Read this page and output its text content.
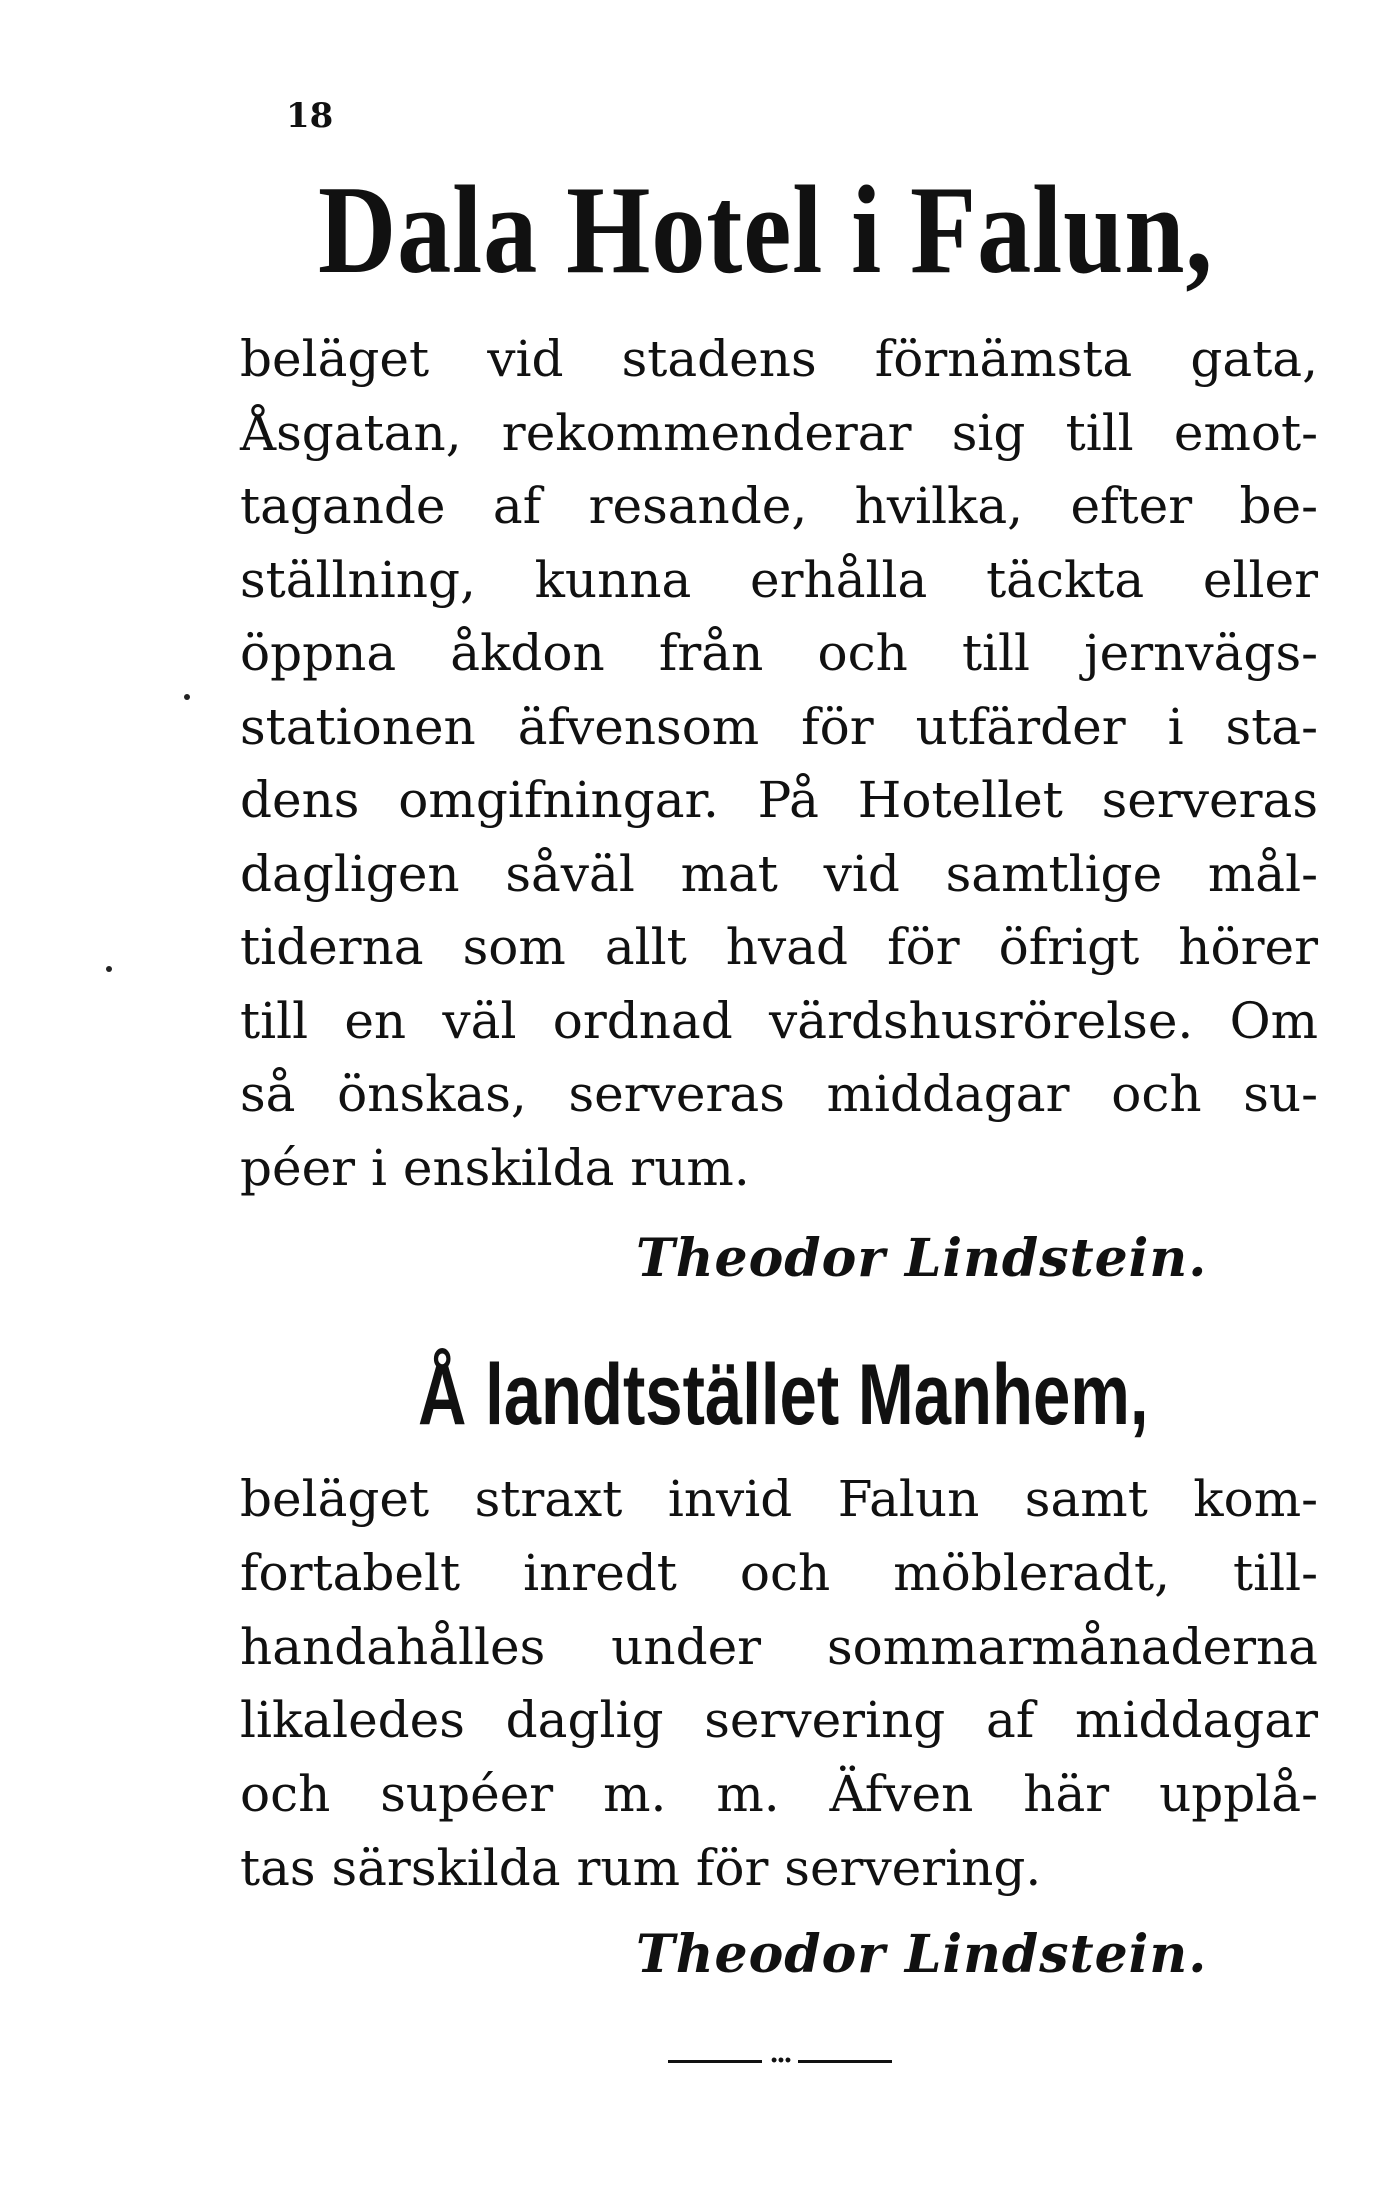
18
Dala Hotel i Falun,
beläget vid stadens förnämsta gata,
Åsgatan, rekommenderar sig till emot-
tagande af resande, hvilka, efter be-
ställning, kunna erhålla täckta eller
öppna åkdon från och till jernvägs-
stationen äfvensom för utfärder i sta-
dens omgifningar. På Hotellet serveras
dagligen såväl mat vid samtlige mål-
tiderna som allt hvad för öfrigt hörer
till en väl ordnad värdshusrörelse. Om
så önskas, serveras middagar och su-
péer i enskilda rum.
Theodor Lindstein.
Å landtstället Manhem,
beläget straxt invid Falun samt kom-
fortabelt inredt och möbleradt, till-
handahålles under sommarmånaderna
likaledes daglig servering af middagar
och supéer m. m. Äfven här upplå-
tas särskilda rum för servering.
Theodor Lindstein.
•••
